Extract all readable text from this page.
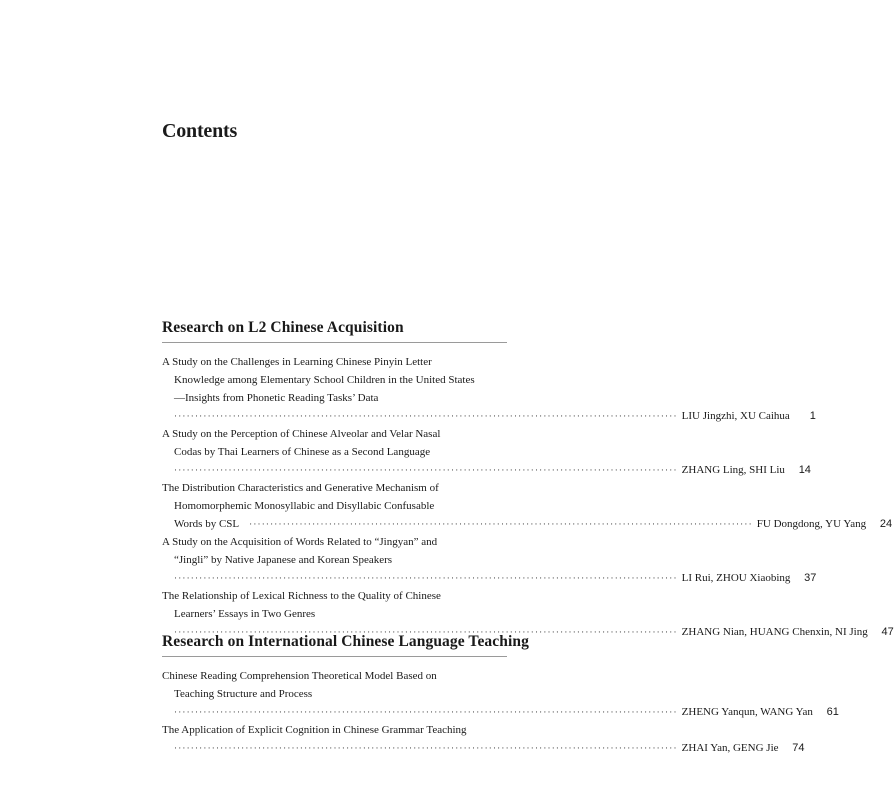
Contents
Research on L2 Chinese Acquisition
A Study on the Challenges in Learning Chinese Pinyin Letter
Knowledge among Elementary School Children in the United States
—Insights from Phonetic Reading Tasks’ Data
························································································································ LIU Jingzhi, XU Caihua	1
A Study on the Perception of Chinese Alveolar and Velar Nasal
Codas by Thai Learners of Chinese as a Second Language
························································································································ ZHANG Ling, SHI Liu	14
The Distribution Characteristics and Generative Mechanism of
Homomorphemic Monosyllabic and Disyllabic Confusable
Words by CSL ························································································································ FU Dongdong, YU Yang	24
A Study on the Acquisition of Words Related to “Jingyan” and
“Jingli” by Native Japanese and Korean Speakers
························································································································ LI Rui, ZHOU Xiaobing	37
The Relationship of Lexical Richness to the Quality of Chinese
Learners’ Essays in Two Genres
························································································································ ZHANG Nian, HUANG Chenxin, NI Jing	47
Research on International Chinese Language Teaching
Chinese Reading Comprehension Theoretical Model Based on
Teaching Structure and Process
························································································································ ZHENG Yanqun, WANG Yan	61
The Application of Explicit Cognition in Chinese Grammar Teaching
························································································································ ZHAI Yan, GENG Jie	74
